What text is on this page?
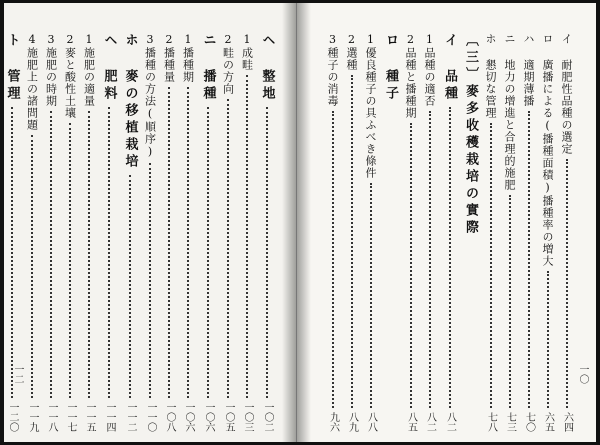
ヘ 整地
一〇二
1成畦
一〇三
2畦の方向
一〇五
ニ 播種
一〇六
1播種期
一〇六
2播種量
一〇八
3播種の方法(順序)
一一〇
ホ 麥の移植栽培
一一二
ヘ 肥料
一一四
1施肥の適量
一一五
2麥と酸性土壤
一一七
3施肥の時期
一一八
4施肥上の諸問題
一一九
ト 管理
一二〇
一二
イ 耐肥性品種の選定
六四
ロ 廣播による(播種面積)播種率の増大
六五
ハ 適期薄播
七〇
ニ 地力の增進と合理的施肥
七三
ホ 懇切な管理
七八
〔三〕麥多收穫栽培の實際
イ 品種
八二
1品種の適否
八二
2品種と播種期
八五
ロ 種子
1優良種子の具ふべき條件
八八
2選種
八九
3種子の消毒
九六
一〇
